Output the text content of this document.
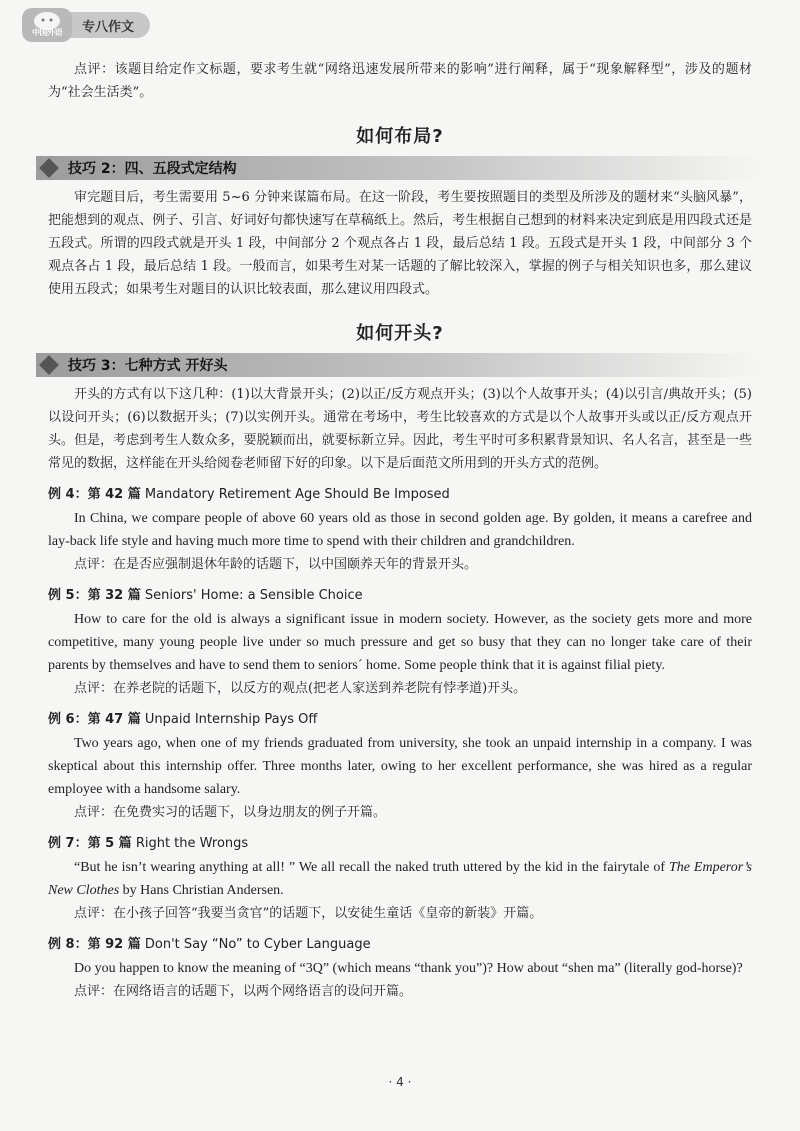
中国外语	专八作文

点评：该题目给定作文标题，要求考生就“网络迅速发展所带来的影响”进行阐释，属于“现象解释型”，涉及的题材为“社会生活类”。

如何布局?
技巧 2：四、五段式定结构

审完题目后，考生需要用 5~6 分钟来谋篇布局。在这一阶段，考生要按照题目的类型及所涉及的题材来“头脑风暴”，把能想到的观点、例子、引言、好词好句都快速写在草稿纸上。然后，考生根据自己想到的材料来决定到底是用四段式还是五段式。所谓的四段式就是开头 1 段，中间部分 2 个观点各占 1 段，最后总结 1 段。五段式是开头 1 段，中间部分 3 个观点各占 1 段，最后总结 1 段。一般而言，如果考生对某一话题的了解比较深入，掌握的例子与相关知识也多，那么建议使用五段式；如果考生对题目的认识比较表面，那么建议用四段式。

如何开头?
技巧 3：七种方式 开好头

开头的方式有以下这几种：(1)以大背景开头；(2)以正/反方观点开头；(3)以个人故事开头；(4)以引言/典故开头；(5)以设问开头；(6)以数据开头；(7)以实例开头。通常在考场中，考生比较喜欢的方式是以个人故事开头或以正/反方观点开头。但是，考虑到考生人数众多，要脱颖而出，就要标新立异。因此，考生平时可多积累背景知识、名人名言，甚至是一些常见的数据，这样能在开头给阅卷老师留下好的印象。以下是后面范文所用到的开头方式的范例。

例 4：第 42 篇 Mandatory Retirement Age Should Be Imposed

In China, we compare people of above 60 years old as those in second golden age. By golden, it means a carefree and lay-back life style and having much more time to spend with their children and grandchildren.

点评：在是否应强制退休年龄的话题下，以中国颐养天年的背景开头。

例 5：第 32 篇 Seniors' Home: a Sensible Choice

How to care for the old is always a significant issue in modern society. However, as the society gets more and more competitive, many young people live under so much pressure and get so busy that they can no longer take care of their parents by themselves and have to send them to seniors´ home. Some people think that it is against filial piety.

点评：在养老院的话题下，以反方的观点(把老人家送到养老院有悖孝道)开头。

例 6：第 47 篇 Unpaid Internship Pays Off

Two years ago, when one of my friends graduated from university, she took an unpaid internship in a company. I was skeptical about this internship offer. Three months later, owing to her excellent performance, she was hired as a regular employee with a handsome salary.

点评：在免费实习的话题下，以身边朋友的例子开篇。

例 7：第 5 篇 Right the Wrongs

“But he isn’t wearing anything at all! ” We all recall the naked truth uttered by the kid in the fairytale of The Emperor’s New Clothes by Hans Christian Andersen.

点评：在小孩子回答“我要当贪官”的话题下，以安徒生童话《皇帝的新装》开篇。

例 8：第 92 篇 Don't Say “No” to Cyber Language

Do you happen to know the meaning of “3Q” (which means “thank you”)? How about “shen ma” (literally god-horse)?

点评：在网络语言的话题下，以两个网络语言的设问开篇。

· 4 ·
